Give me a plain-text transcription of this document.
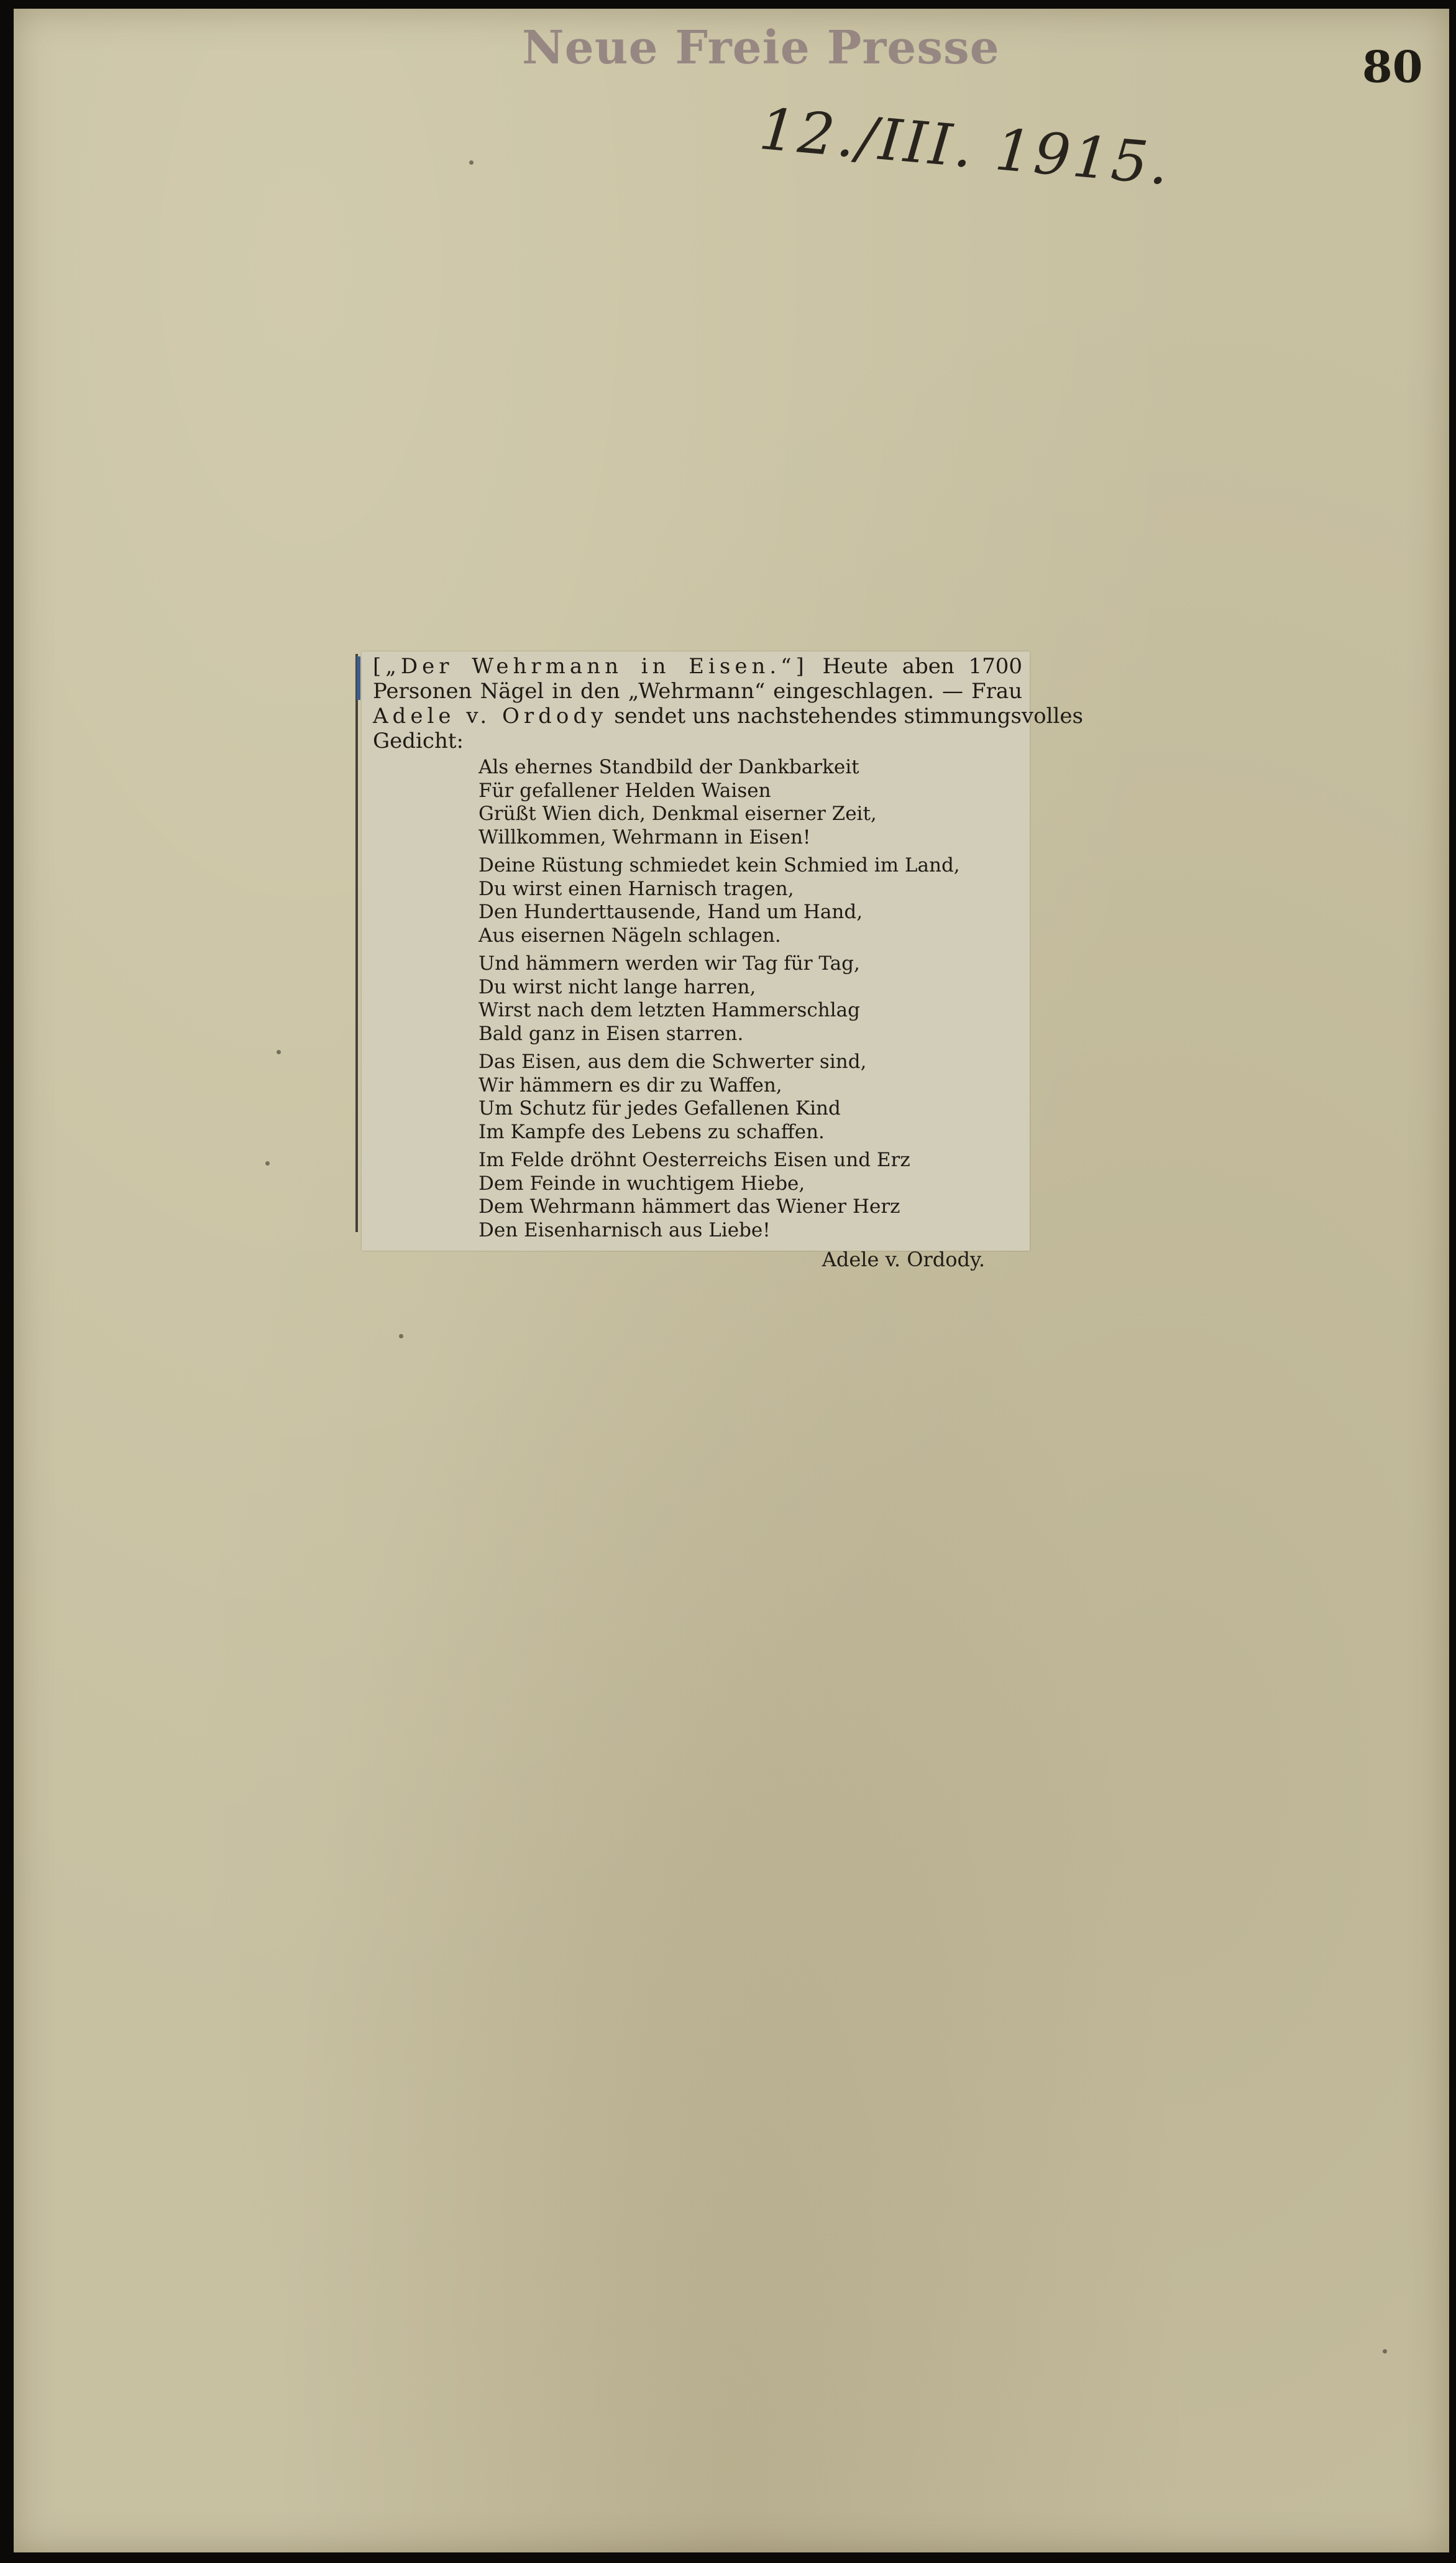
Neue Freie Presse	80
12./III. 1915.
[„Der Wehrmann in Eisen.“] Heute aben 1700
Personen Nägel in den „Wehrmann“ eingeschlagen. — Frau
Adele v. Ordody sendet uns nachstehendes stimmungsvolles
Gedicht:
Als ehernes Standbild der Dankbarkeit
Für gefallener Helden Waisen
Grüßt Wien dich, Denkmal eiserner Zeit,
Willkommen, Wehrmann in Eisen!
Deine Rüstung schmiedet kein Schmied im Land,
Du wirst einen Harnisch tragen,
Den Hunderttausende, Hand um Hand,
Aus eisernen Nägeln schlagen.
Und hämmern werden wir Tag für Tag,
Du wirst nicht lange harren,
Wirst nach dem letzten Hammerschlag
Bald ganz in Eisen starren.
Das Eisen, aus dem die Schwerter sind,
Wir hämmern es dir zu Waffen,
Um Schutz für jedes Gefallenen Kind
Im Kampfe des Lebens zu schaffen.
Im Felde dröhnt Oesterreichs Eisen und Erz
Dem Feinde in wuchtigem Hiebe,
Dem Wehrmann hämmert das Wiener Herz
Den Eisenharnisch aus Liebe!
Adele v. Ordody.
